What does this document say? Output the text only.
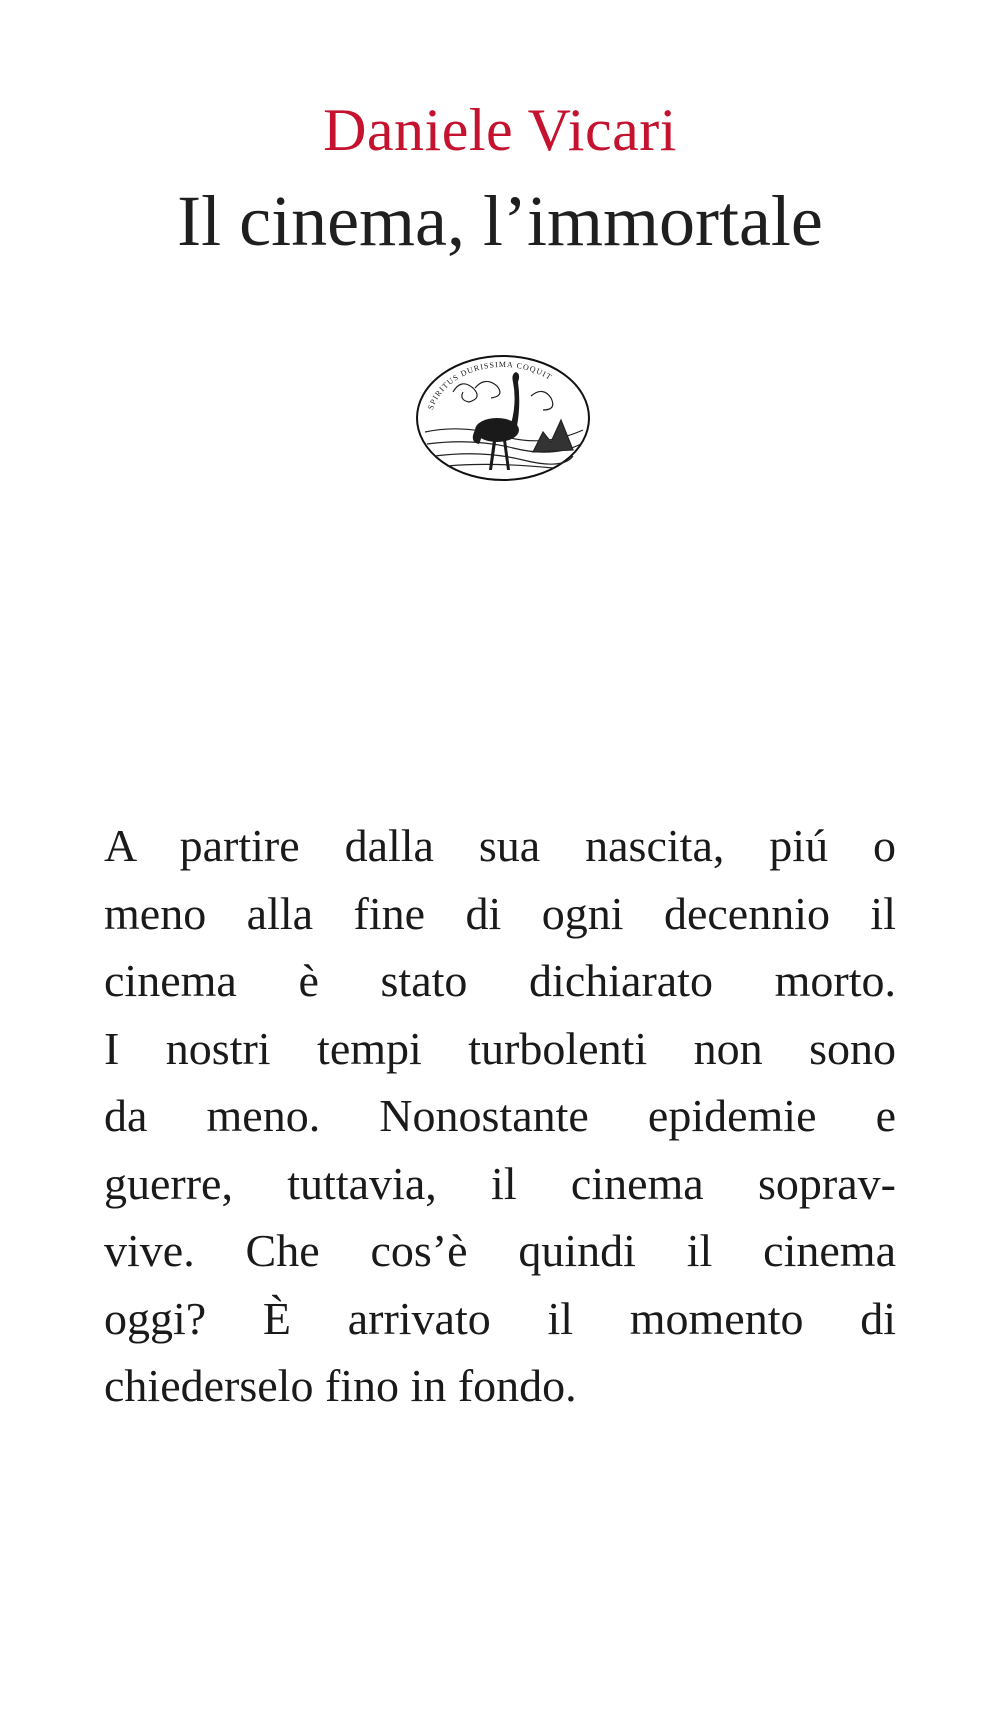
Daniele Vicari
Il cinema, l’immortale
SPIRITUS DURISSIMA COQUIT
A partire dalla sua nascita, piú o
meno alla fine di ogni decennio il
cinema è stato dichiarato morto.
I nostri tempi turbolenti non sono
da meno. Nonostante epidemie e
guerre, tuttavia, il cinema soprav-
vive. Che cos’è quindi il cinema
oggi? È arrivato il momento di
chiederselo fino in fondo.
